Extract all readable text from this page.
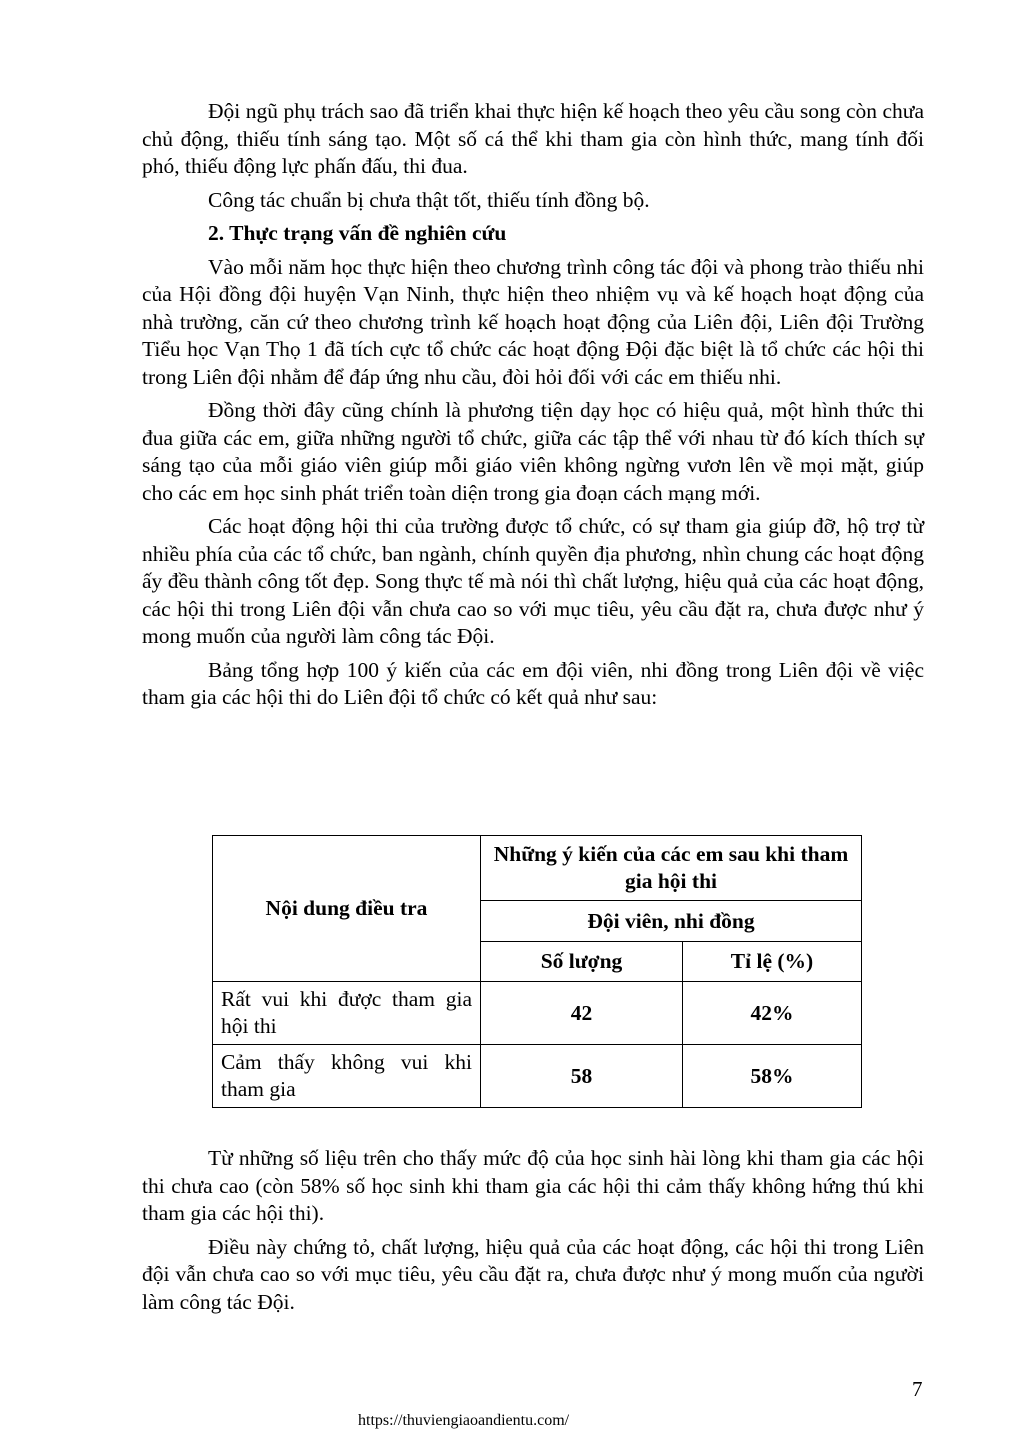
Đội ngũ phụ trách sao đã triển khai thực hiện kế hoạch theo yêu cầu song còn chưa chủ động, thiếu tính sáng tạo. Một số cá thể khi tham gia còn hình thức, mang tính đối phó, thiếu động lực phấn đấu, thi đua.

Công tác chuẩn bị chưa thật tốt, thiếu tính đồng bộ.

2. Thực trạng vấn đề nghiên cứu

Vào mỗi năm học thực hiện theo chương trình công tác đội và phong trào thiếu nhi của Hội đồng đội huyện Vạn Ninh, thực hiện theo nhiệm vụ và kế hoạch hoạt động của nhà trường, căn cứ theo chương trình kế hoạch hoạt động của Liên đội, Liên đội Trường Tiểu học Vạn Thọ 1 đã tích cực tổ chức các hoạt động Đội đặc biệt là tổ chức các hội thi trong Liên đội nhằm để đáp ứng nhu cầu, đòi hỏi đối với các em thiếu nhi.

Đồng thời đây cũng chính là phương tiện dạy học có hiệu quả, một hình thức thi đua giữa các em, giữa những người tổ chức, giữa các tập thể với nhau từ đó kích thích sự sáng tạo của mỗi giáo viên giúp mỗi giáo viên không ngừng vươn lên về mọi mặt, giúp cho các em học sinh phát triển toàn diện trong gia đoạn cách mạng mới.

Các hoạt động hội thi của trường được tổ chức, có sự tham gia giúp đỡ, hộ trợ từ nhiều phía của các tổ chức, ban ngành, chính quyền địa phương, nhìn chung các hoạt động ấy đều thành công tốt đẹp. Song thực tế mà nói thì chất lượng, hiệu quả của các hoạt động, các hội thi trong Liên đội vẫn chưa cao so với mục tiêu, yêu cầu đặt ra, chưa được như ý mong muốn của người làm công tác Đội.

Bảng tổng hợp 100 ý kiến của các em đội viên, nhi đồng trong Liên đội về việc tham gia các hội thi do Liên đội tổ chức có kết quả như sau:

Nội dung điều tra	Những ý kiến của các em sau khi tham gia hội thi	
	Đội viên, nhi đồng	
	Số lượng	Tỉ lệ (%)
Rất vui khi được tham gia hội thi	42	42%
Cảm thấy không vui khi tham gia	58	58%

Từ những số liệu trên cho thấy mức độ của học sinh hài lòng khi tham gia các hội thi chưa cao (còn 58% số học sinh khi tham gia các hội thi cảm thấy không hứng thú khi tham gia các hội thi).

Điều này chứng tỏ, chất lượng, hiệu quả của các hoạt động, các hội thi trong Liên đội vẫn chưa cao so với mục tiêu, yêu cầu đặt ra, chưa được như ý mong muốn của người làm công tác Đội.

7
https://thuviengiaoandientu.com/
